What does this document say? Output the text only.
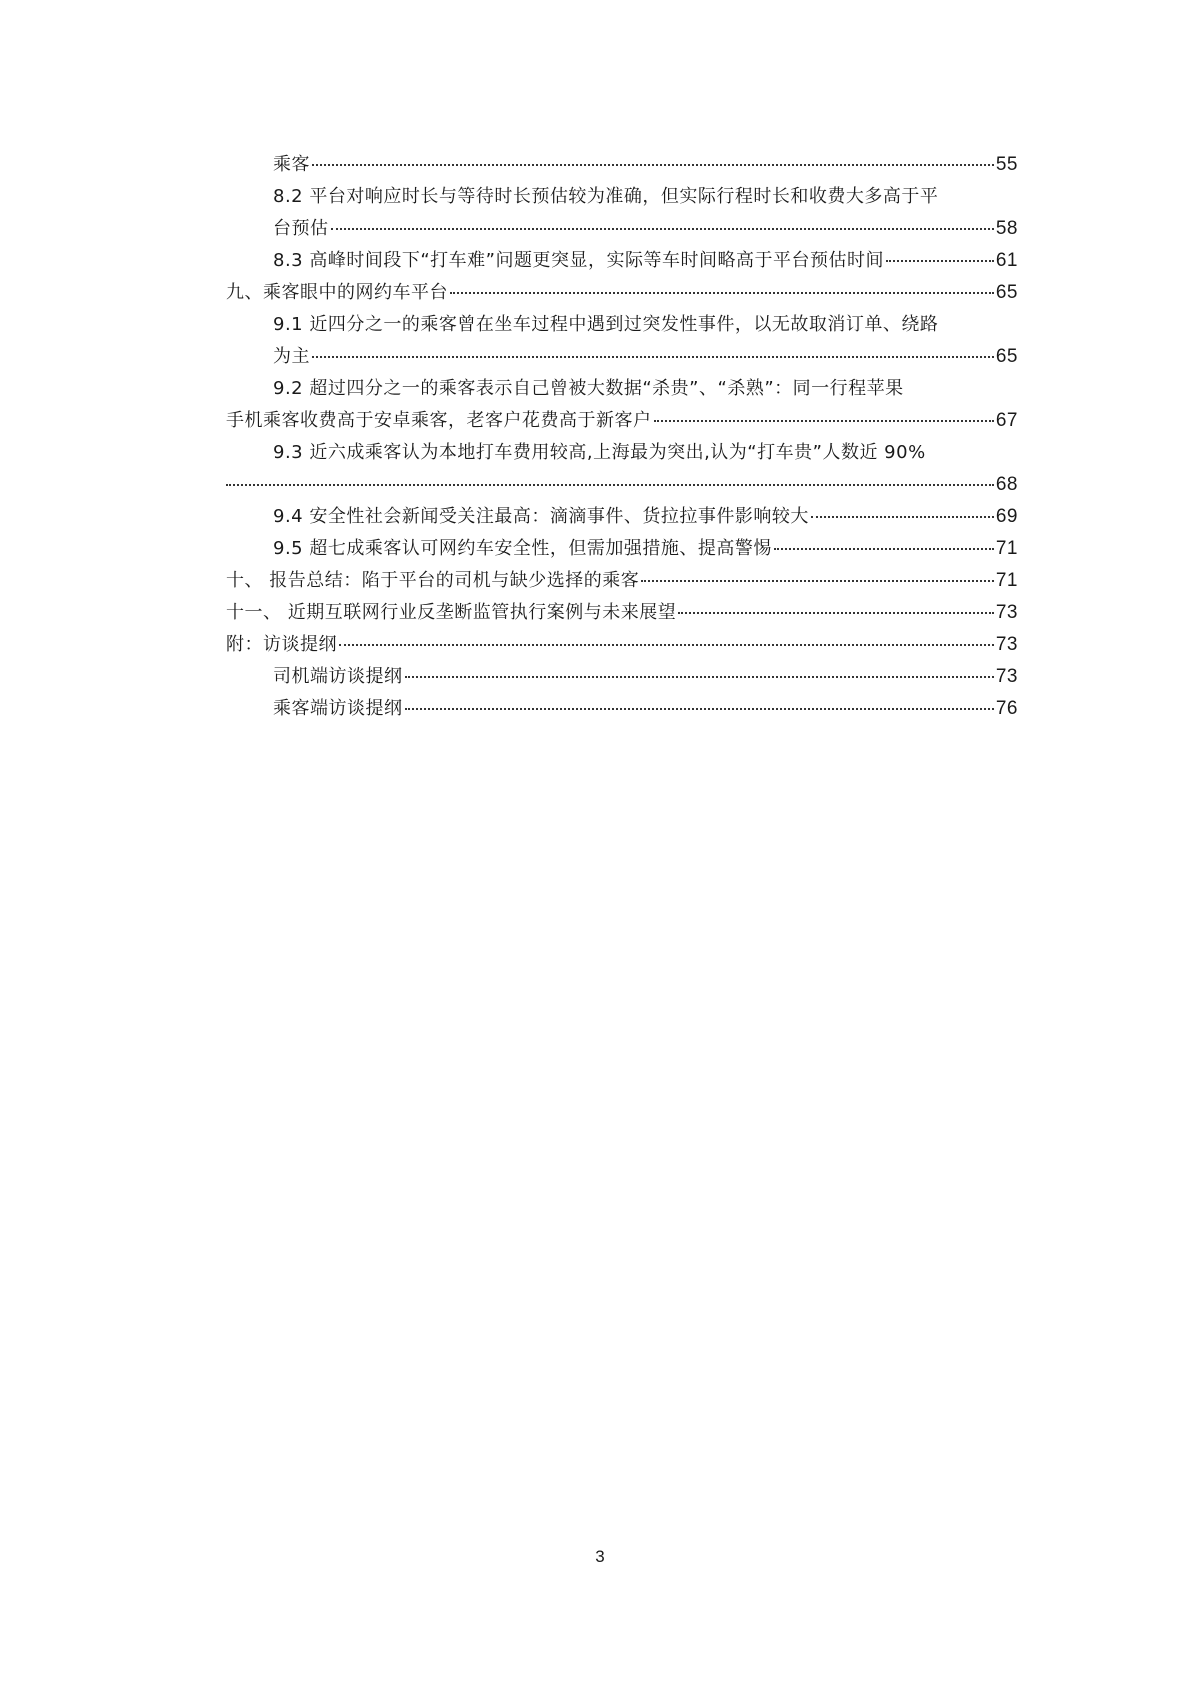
乘客	55
8.2 平台对响应时长与等待时长预估较为准确，但实际行程时长和收费大多高于平
台预估	58
8.3 高峰时间段下“打车难”问题更突显，实际等车时间略高于平台预估时间	61
九、乘客眼中的网约车平台	65
9.1 近四分之一的乘客曾在坐车过程中遇到过突发性事件，以无故取消订单、绕路
为主	65
9.2 超过四分之一的乘客表示自己曾被大数据“杀贵”、“杀熟”：同一行程苹果
手机乘客收费高于安卓乘客，老客户花费高于新客户	67
9.3 近六成乘客认为本地打车费用较高,上海最为突出,认为“打车贵”人数近 90%
68
9.4 安全性社会新闻受关注最高：滴滴事件、货拉拉事件影响较大	69
9.5 超七成乘客认可网约车安全性，但需加强措施、提高警惕	71
十、 报告总结：陷于平台的司机与缺少选择的乘客	71
十一、 近期互联网行业反垄断监管执行案例与未来展望	73
附：访谈提纲	73
司机端访谈提纲	73
乘客端访谈提纲	76
3
